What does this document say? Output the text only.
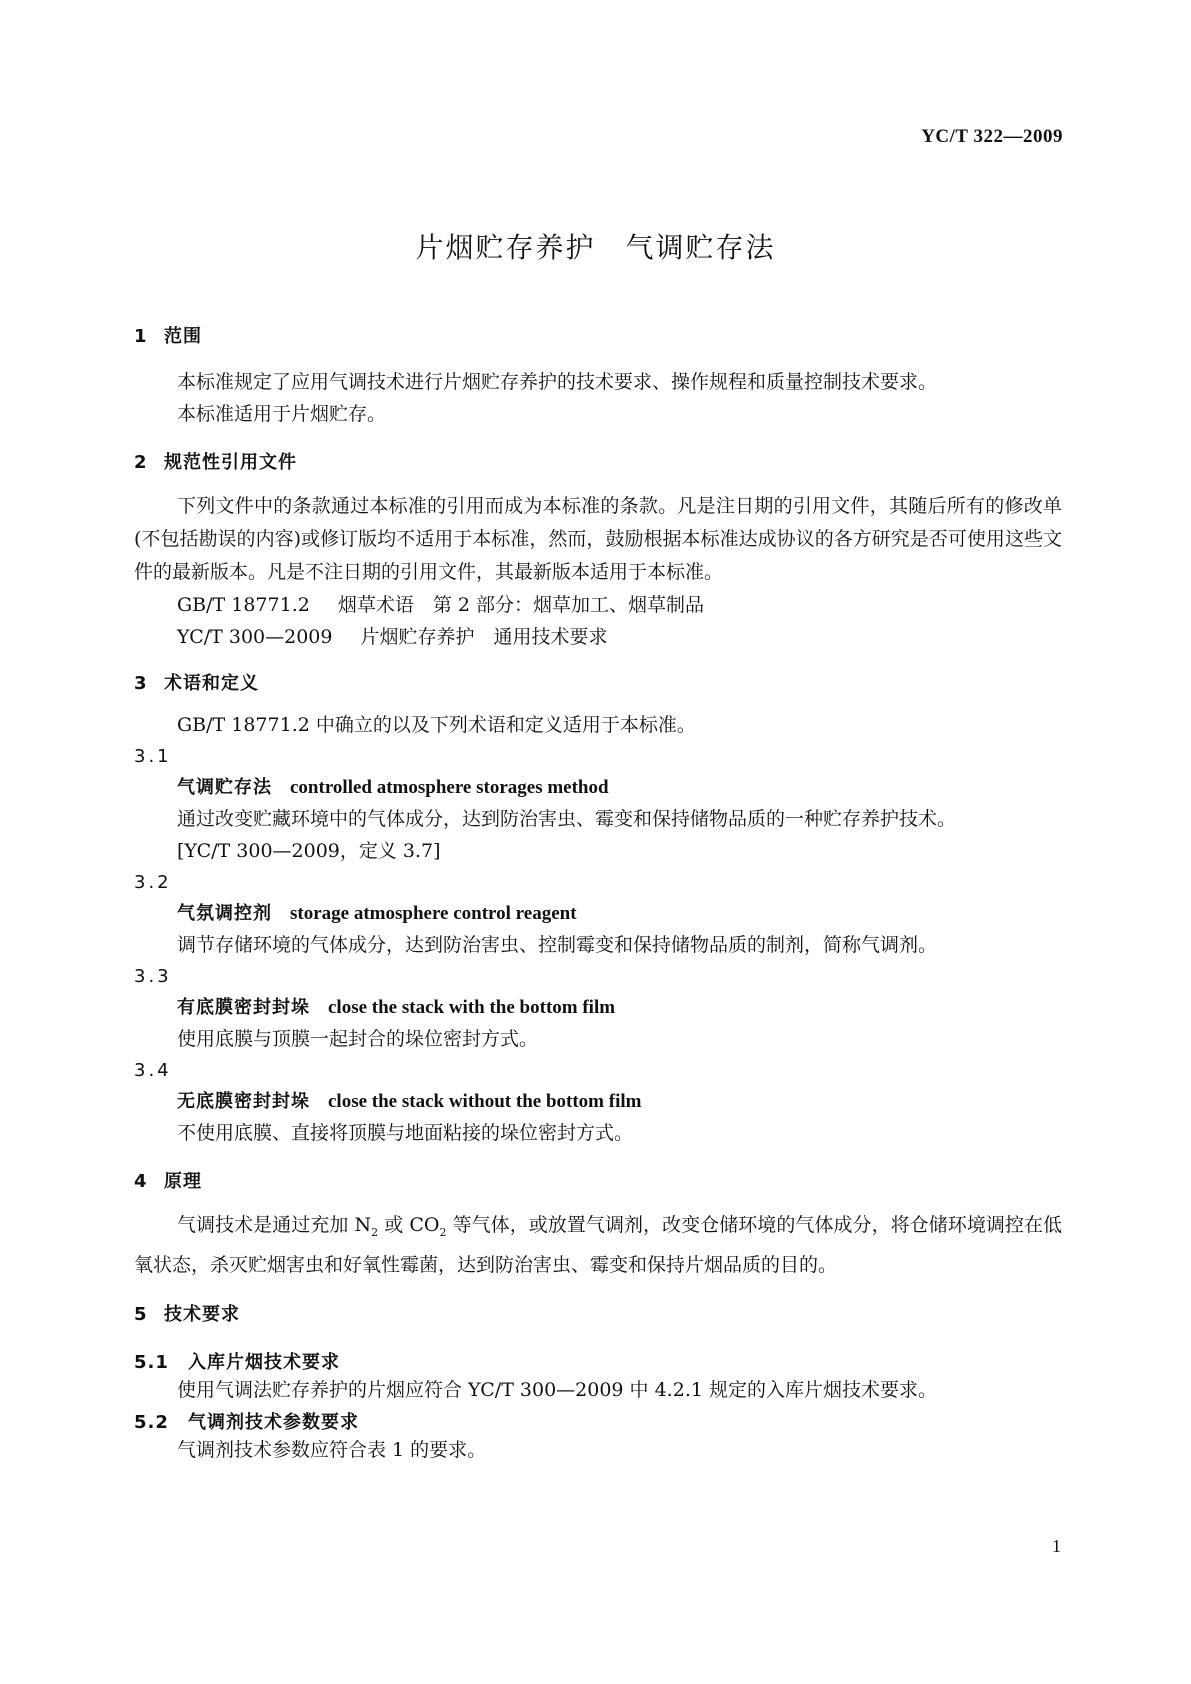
YC/T 322—2009
片烟贮存养护 气调贮存法
1 范围
本标准规定了应用气调技术进行片烟贮存养护的技术要求、操作规程和质量控制技术要求。
本标准适用于片烟贮存。
2 规范性引用文件
下列文件中的条款通过本标准的引用而成为本标准的条款。凡是注日期的引用文件，其随后所有的修改单(不包括勘误的内容)或修订版均不适用于本标准，然而，鼓励根据本标准达成协议的各方研究是否可使用这些文件的最新版本。凡是不注日期的引用文件，其最新版本适用于本标准。
GB/T 18771.2 烟草术语　第 2 部分：烟草加工、烟草制品
YC/T 300—2009 片烟贮存养护　通用技术要求
3 术语和定义
GB/T 18771.2 中确立的以及下列术语和定义适用于本标准。
3.1
气调贮存法 controlled atmosphere storages method
通过改变贮藏环境中的气体成分，达到防治害虫、霉变和保持储物品质的一种贮存养护技术。
[YC/T 300—2009，定义 3.7]
3.2
气氛调控剂 storage atmosphere control reagent
调节存储环境的气体成分，达到防治害虫、控制霉变和保持储物品质的制剂，简称气调剂。
3.3
有底膜密封封垛 close the stack with the bottom film
使用底膜与顶膜一起封合的垛位密封方式。
3.4
无底膜密封封垛 close the stack without the bottom film
不使用底膜、直接将顶膜与地面粘接的垛位密封方式。
4 原理
气调技术是通过充加 $N_2$ 或 $CO_2$ 等气体，或放置气调剂，改变仓储环境的气体成分，将仓储环境调控在低氧状态，杀灭贮烟害虫和好氧性霉菌，达到防治害虫、霉变和保持片烟品质的目的。
5 技术要求
5.1 入库片烟技术要求
使用气调法贮存养护的片烟应符合 YC/T 300—2009 中 4.2.1 规定的入库片烟技术要求。
5.2 气调剂技术参数要求
气调剂技术参数应符合表 1 的要求。
1
